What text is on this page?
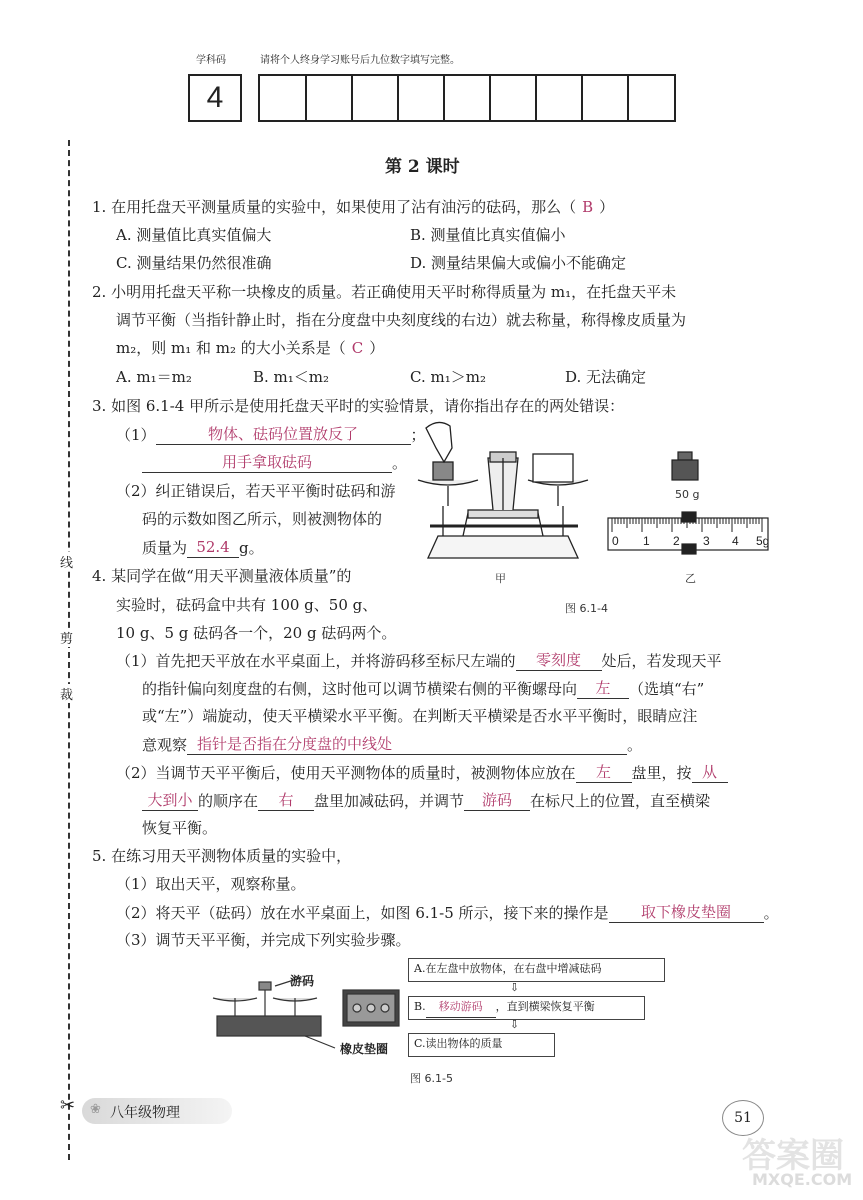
学科码	请将个人终身学习账号后九位数字填写完整。
4
线
剪
裁
✂
第 2 课时
1. 在用托盘天平测量质量的实验中，如果使用了沾有油污的砝码，那么（ B ）
A. 测量值比真实值偏大	B. 测量值比真实值偏小
C. 测量结果仍然很准确	D. 测量结果偏大或偏小不能确定
2. 小明用托盘天平称一块橡皮的质量。若正确使用天平时称得质量为 m₁，在托盘天平未
调节平衡（当指针静止时，指在分度盘中央刻度线的右边）就去称量，称得橡皮质量为
m₂，则 m₁ 和 m₂ 的大小关系是（ C ）
A. m₁＝m₂	B. m₁＜m₂	C. m₁＞m₂	D. 无法确定
3. 如图 6.1-4 甲所示是使用托盘天平时的实验情景，请你指出存在的两处错误：
（1）	物体、砝码位置放反了	；
用手拿取砝码	。
（2）纠正错误后，若天平平衡时砝码和游
码的示数如图乙所示，则被测物体的
质量为 52.4 g。
甲
50 g
0 1 2 3 4 5g
乙
图 6.1-4
4. 某同学在做“用天平测量液体质量”的
实验时，砝码盒中共有 100 g、50 g、
10 g、5 g 砝码各一个，20 g 砝码两个。
（1）首先把天平放在水平桌面上，并将游码移至标尺左端的 零刻度 处后，若发现天平
的指针偏向刻度盘的右侧，这时他可以调节横梁右侧的平衡螺母向 左 （选填“右”
或“左”）端旋动，使天平横梁水平平衡。在判断天平横梁是否水平平衡时，眼睛应注
意观察 指针是否指在分度盘的中线处	。
（2）当调节天平平衡后，使用天平测物体的质量时，被测物体应放在 左 盘里，按 从
大到小 的顺序在 右 盘里加减砝码，并调节 游码 在标尺上的位置，直至横梁
恢复平衡。
5. 在练习用天平测物体质量的实验中，
（1）取出天平，观察称量。
（2）将天平（砝码）放在水平桌面上，如图 6.1-5 所示，接下来的操作是 取下橡皮垫圈 。
（3）调节天平平衡，并完成下列实验步骤。
游码
橡皮垫圈
A.在左盘中放物体，在右盘中增减砝码
⇩
B. 移动游码 ，直到横梁恢复平衡
⇩
C.读出物体的质量
图 6.1-5
❀ 八年级物理	51
答案圈
MXQE.COM
